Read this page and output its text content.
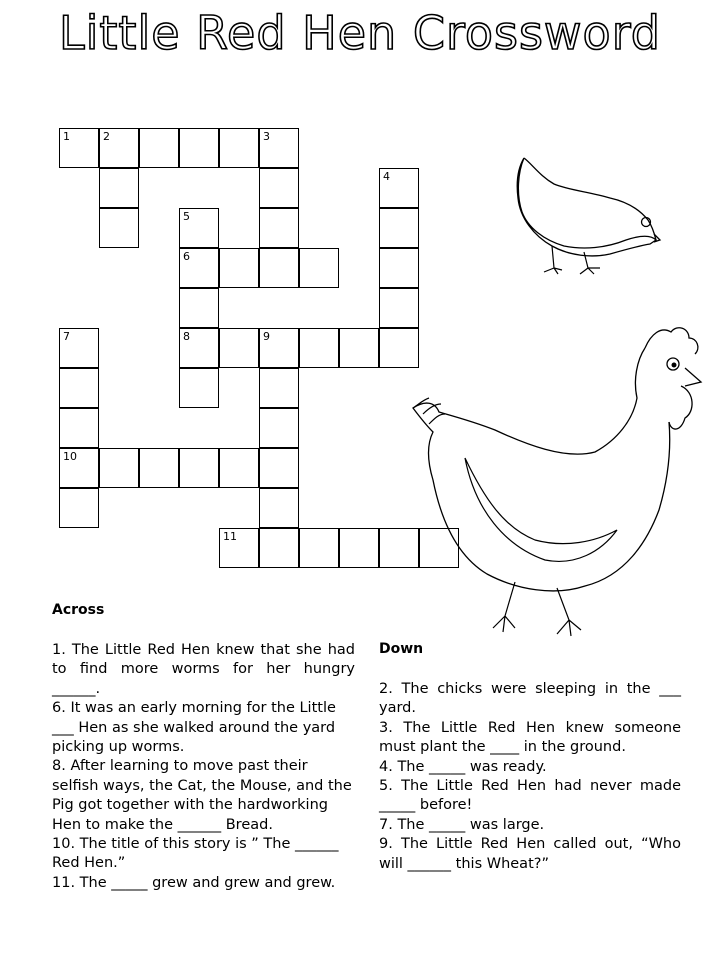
Little Red Hen Crossword
1	2	3
4
5
6
7	8	9
10
11
Across

1. The Little Red Hen knew that she had to find more worms for her hungry ______.

6. It was an early morning for the Little ___ Hen as she walked around the yard picking up worms.

8. After learning to move past their selfish ways, the Cat, the Mouse, and the Pig got together with the hardworking Hen to make the ______ Bread.

10. The title of this story is ” The ______ Red Hen.”

11. The _____ grew and grew and grew.

Down

2. The chicks were sleeping in the ___ yard.

3. The Little Red Hen knew someone must plant the ____ in the ground.

4. The _____ was ready.

5. The Little Red Hen had never made _____ before!

7. The _____ was large.

9. The Little Red Hen called out, “Who will ______ this Wheat?”
